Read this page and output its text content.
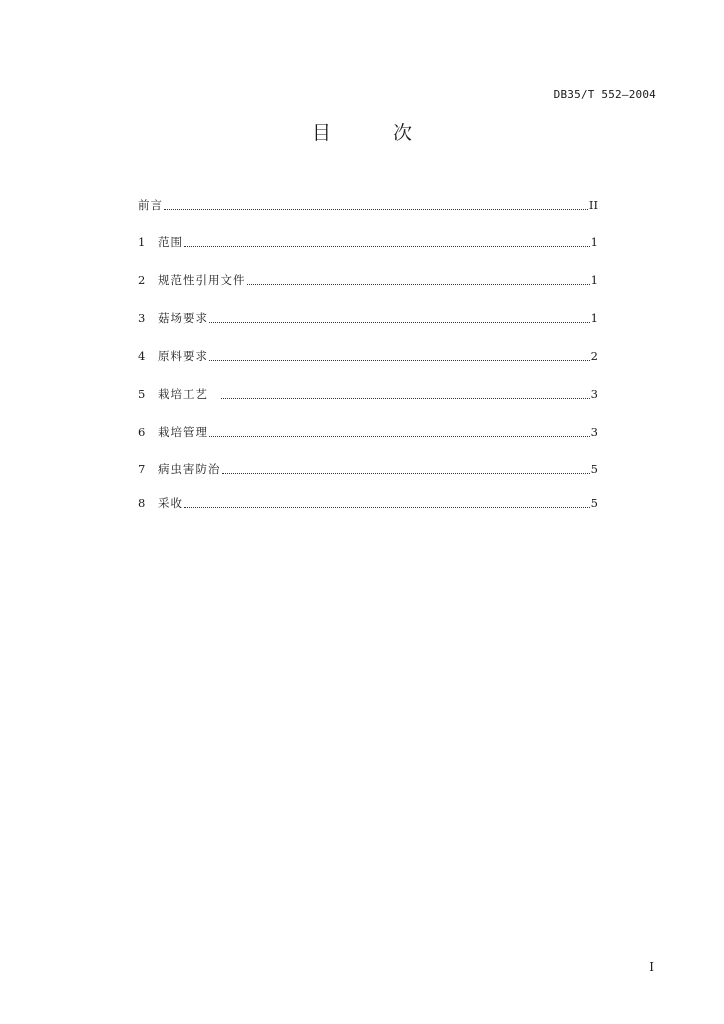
DB35/T 552—2004
目 次
前言	II
1	范围	1
2	规范性引用文件	1
3	菇场要求	1
4	原料要求	2
5	栽培工艺	3
6	栽培管理	3
7	病虫害防治	5
8	采收	5
I
